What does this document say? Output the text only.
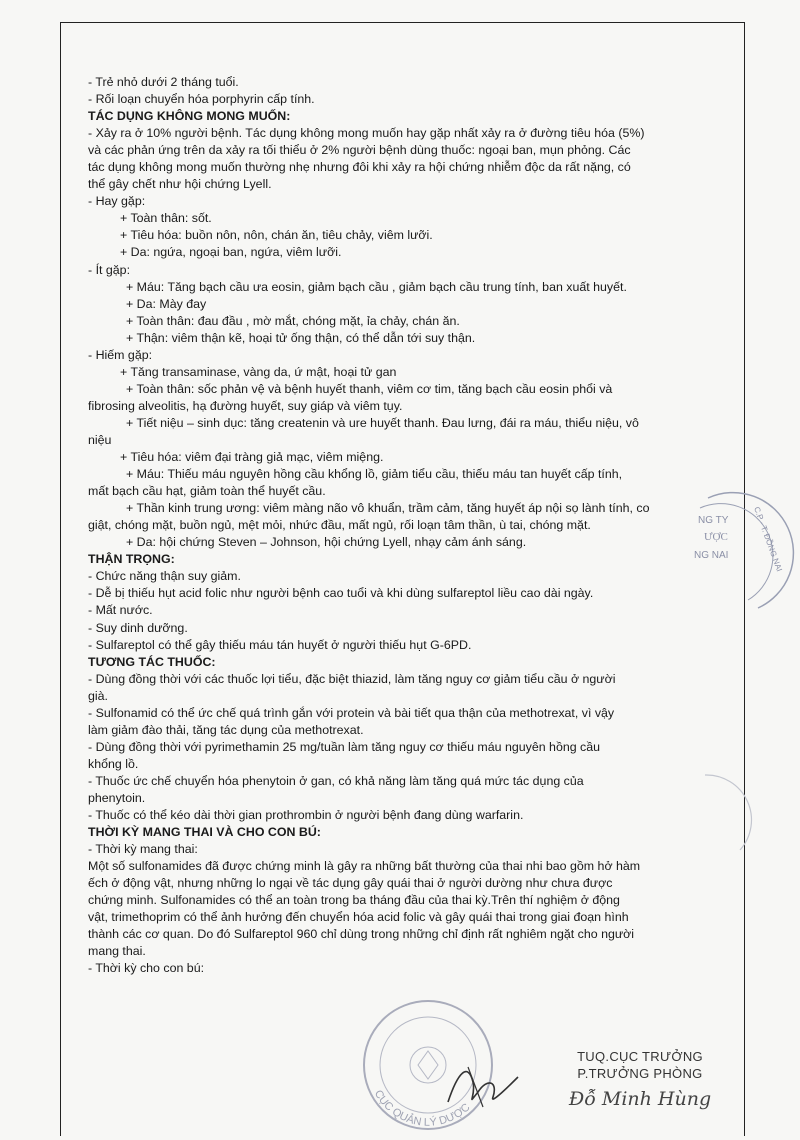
- Trẻ nhỏ dưới 2 tháng tuổi.

- Rối loạn chuyển hóa porphyrin cấp tính.

TÁC DỤNG KHÔNG MONG MUỐN:

- Xảy ra ở 10% người bệnh. Tác dụng không mong muốn hay gặp nhất xảy ra ở đường tiêu hóa (5%)

và các phản ứng trên da xảy ra tối thiểu ở 2% người bệnh dùng thuốc: ngoại ban, mụn phỏng. Các

tác dụng không mong muốn thường nhẹ nhưng đôi khi xảy ra hội chứng nhiễm độc da rất nặng, có

thể gây chết như hội chứng Lyell.

- Hay gặp:

+ Toàn thân: sốt.

+ Tiêu hóa: buồn nôn, nôn, chán ăn, tiêu chảy, viêm lưỡi.

+ Da: ngứa, ngoại ban, ngứa, viêm lưỡi.

- Ít gặp:

+ Máu: Tăng bạch cầu ưa eosin, giảm bạch cầu , giảm bạch cầu trung tính, ban xuất huyết.

+ Da: Mày đay

+ Toàn thân: đau đầu , mờ mắt, chóng mặt, ỉa chảy, chán ăn.

+ Thận: viêm thận kẽ, hoại tử ống thận, có thể dẫn tới suy thận.

- Hiếm gặp:

+ Tăng transaminase, vàng da, ứ mật, hoại tử gan

+ Toàn thân: sốc phản vệ và bệnh huyết thanh, viêm cơ tim, tăng bạch cầu eosin phổi và

fibrosing alveolitis, hạ đường huyết, suy giáp và viêm tụy.

+ Tiết niệu – sinh dục: tăng createnin và ure huyết thanh. Đau lưng, đái ra máu, thiểu niệu, vô

niệu

+ Tiêu hóa: viêm đại tràng giả mạc, viêm miệng.

+ Máu: Thiếu máu nguyên hồng cầu khổng lồ, giảm tiểu cầu, thiếu máu tan huyết cấp tính,

mất bạch cầu hạt, giảm toàn thể huyết cầu.

+ Thần kinh trung ương: viêm màng não vô khuẩn, trầm cảm, tăng huyết áp nội sọ lành tính, co

giật, chóng mặt, buồn ngủ, mệt mỏi, nhức đầu, mất ngủ, rối loạn tâm thần, ù tai, chóng mặt.

+ Da: hội chứng Steven – Johnson, hội chứng Lyell, nhạy cảm ánh sáng.

THẬN TRỌNG:

- Chức năng thận suy giảm.

- Dễ bị thiếu hụt acid folic như người bệnh cao tuổi và khi dùng sulfareptol liều cao dài ngày.

- Mất nước.

- Suy dinh dưỡng.

- Sulfareptol có thể gây thiếu máu tán huyết ở người thiếu hụt G-6PD.

TƯƠNG TÁC THUỐC:

- Dùng đồng thời với các thuốc lợi tiểu, đặc biệt thiazid, làm tăng nguy cơ giảm tiểu cầu ở người

già.

- Sulfonamid có thể ức chế quá trình gắn với protein và bài tiết qua thận của methotrexat, vì vậy

làm giảm đào thải, tăng tác dụng của methotrexat.

- Dùng đồng thời với pyrimethamin 25 mg/tuần làm tăng nguy cơ thiếu máu nguyên hồng cầu

khổng lồ.

- Thuốc ức chế chuyển hóa phenytoin ở gan, có khả năng làm tăng quá mức tác dụng của

phenytoin.

- Thuốc có thể kéo dài thời gian prothrombin ở người bệnh đang dùng warfarin.

THỜI KỲ MANG THAI VÀ CHO CON BÚ:

- Thời kỳ mang thai:

Một số sulfonamides đã được chứng minh là gây ra những bất thường của thai nhi bao gồm hở hàm

ếch ở động vật, nhưng những lo ngại về tác dụng gây quái thai ở người dường như chưa được

chứng minh. Sulfonamides có thể an toàn trong ba tháng đầu của thai kỳ.Trên thí nghiệm ở động

vật, trimethoprim có thể ảnh hưởng đến chuyển hóa acid folic và gây quái thai trong giai đoạn hình

thành các cơ quan. Do đó Sulfareptol 960 chỉ dùng trong những chỉ định rất nghiêm ngặt cho người

mang thai.

- Thời kỳ cho con bú:

NG TY
ƯỢC
NG NAI	C.P · T. ĐỒNG NAI
CỤC QUẢN LÝ DƯỢC
TUQ.CỤC TRƯỞNG
P.TRƯỞNG PHÒNG
Đỗ Minh Hùng
